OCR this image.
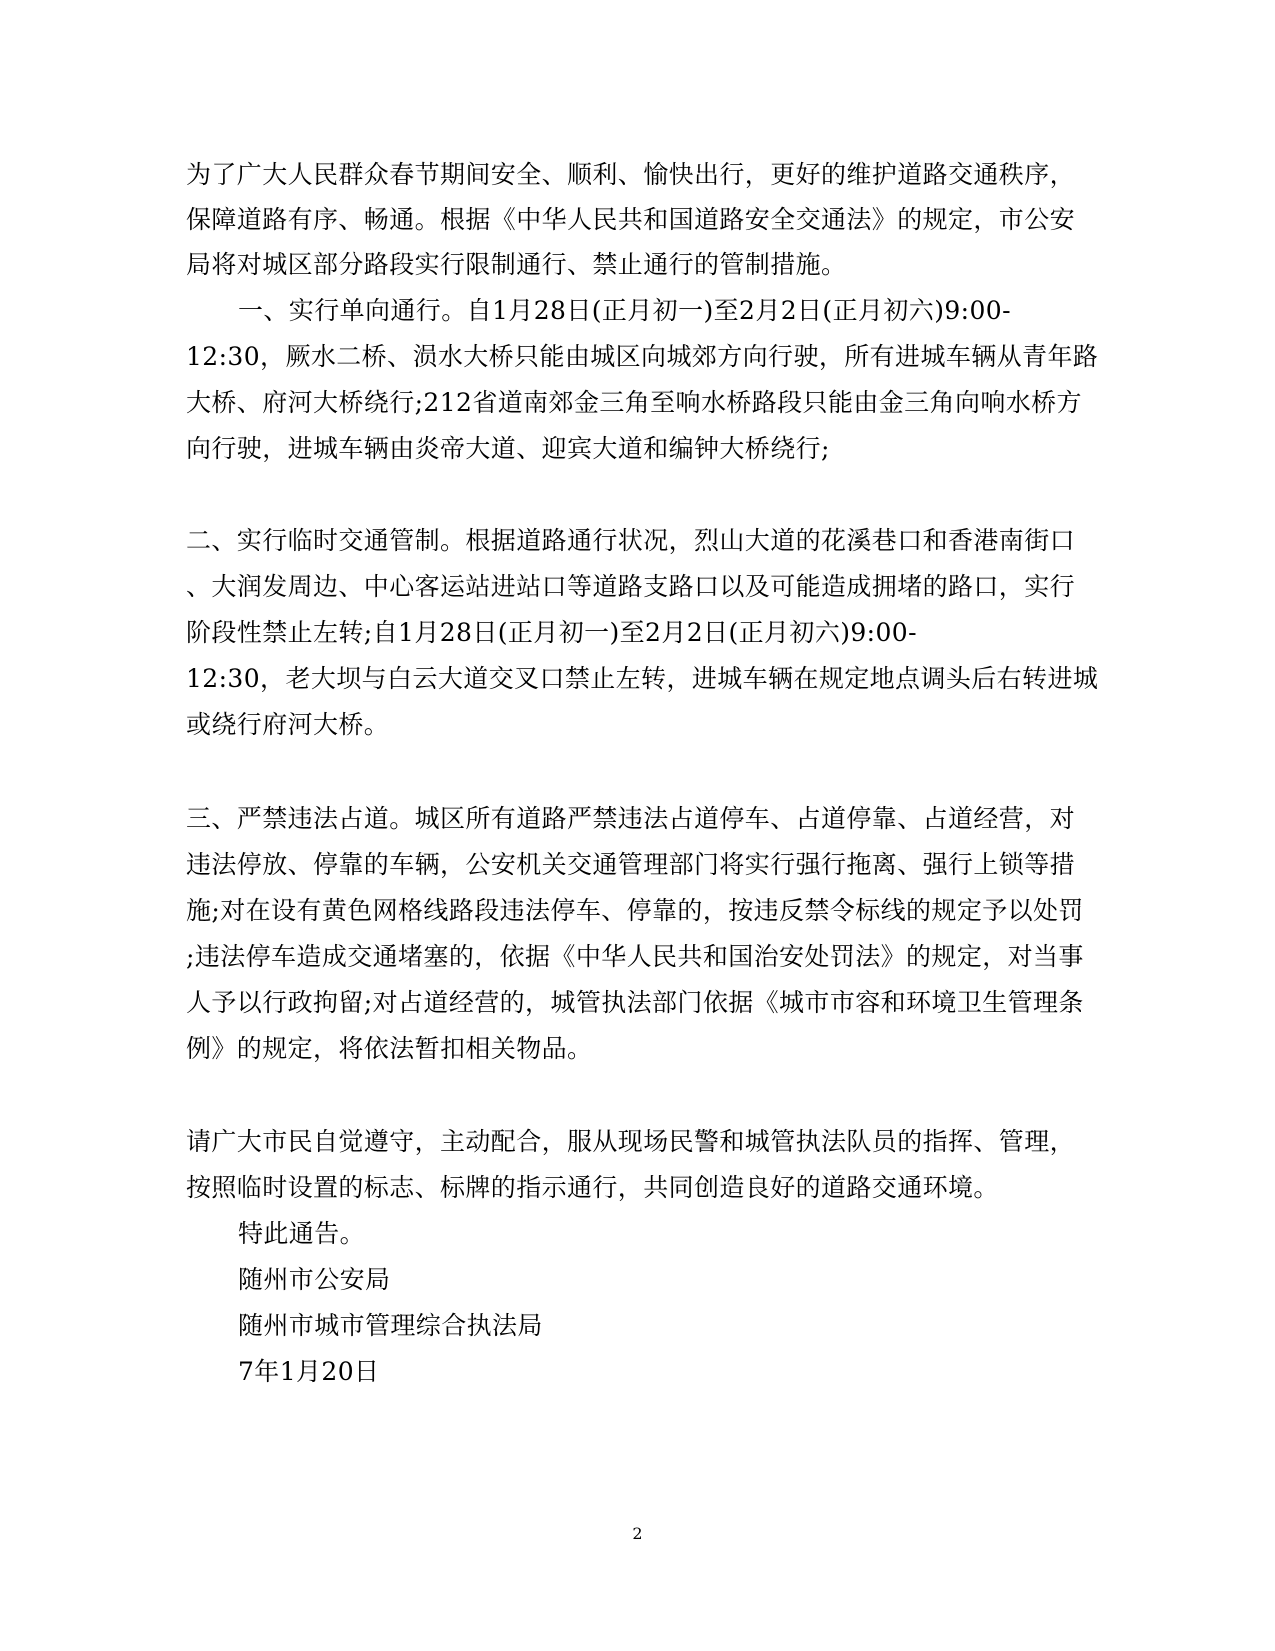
为了广大人民群众春节期间安全、顺利、愉快出行，更好的维护道路交通秩序，
保障道路有序、畅通。根据《中华人民共和国道路安全交通法》的规定，市公安
局将对城区部分路段实行限制通行、禁止通行的管制措施。
一、实行单向通行。自1月28日(正月初一)至2月2日(正月初六)9:00-
12:30，厥水二桥、涢水大桥只能由城区向城郊方向行驶，所有进城车辆从青年路
大桥、府河大桥绕行;212省道南郊金三角至响水桥路段只能由金三角向响水桥方
向行驶，进城车辆由炎帝大道、迎宾大道和编钟大桥绕行;
二、实行临时交通管制。根据道路通行状况，烈山大道的花溪巷口和香港南街口
、大润发周边、中心客运站进站口等道路支路口以及可能造成拥堵的路口，实行
阶段性禁止左转;自1月28日(正月初一)至2月2日(正月初六)9:00-
12:30，老大坝与白云大道交叉口禁止左转，进城车辆在规定地点调头后右转进城
或绕行府河大桥。
三、严禁违法占道。城区所有道路严禁违法占道停车、占道停靠、占道经营，对
违法停放、停靠的车辆，公安机关交通管理部门将实行强行拖离、强行上锁等措
施;对在设有黄色网格线路段违法停车、停靠的，按违反禁令标线的规定予以处罚
;违法停车造成交通堵塞的，依据《中华人民共和国治安处罚法》的规定，对当事
人予以行政拘留;对占道经营的，城管执法部门依据《城市市容和环境卫生管理条
例》的规定，将依法暂扣相关物品。
请广大市民自觉遵守，主动配合，服从现场民警和城管执法队员的指挥、管理，
按照临时设置的标志、标牌的指示通行，共同创造良好的道路交通环境。
特此通告。
随州市公安局
随州市城市管理综合执法局
7年1月20日
2
